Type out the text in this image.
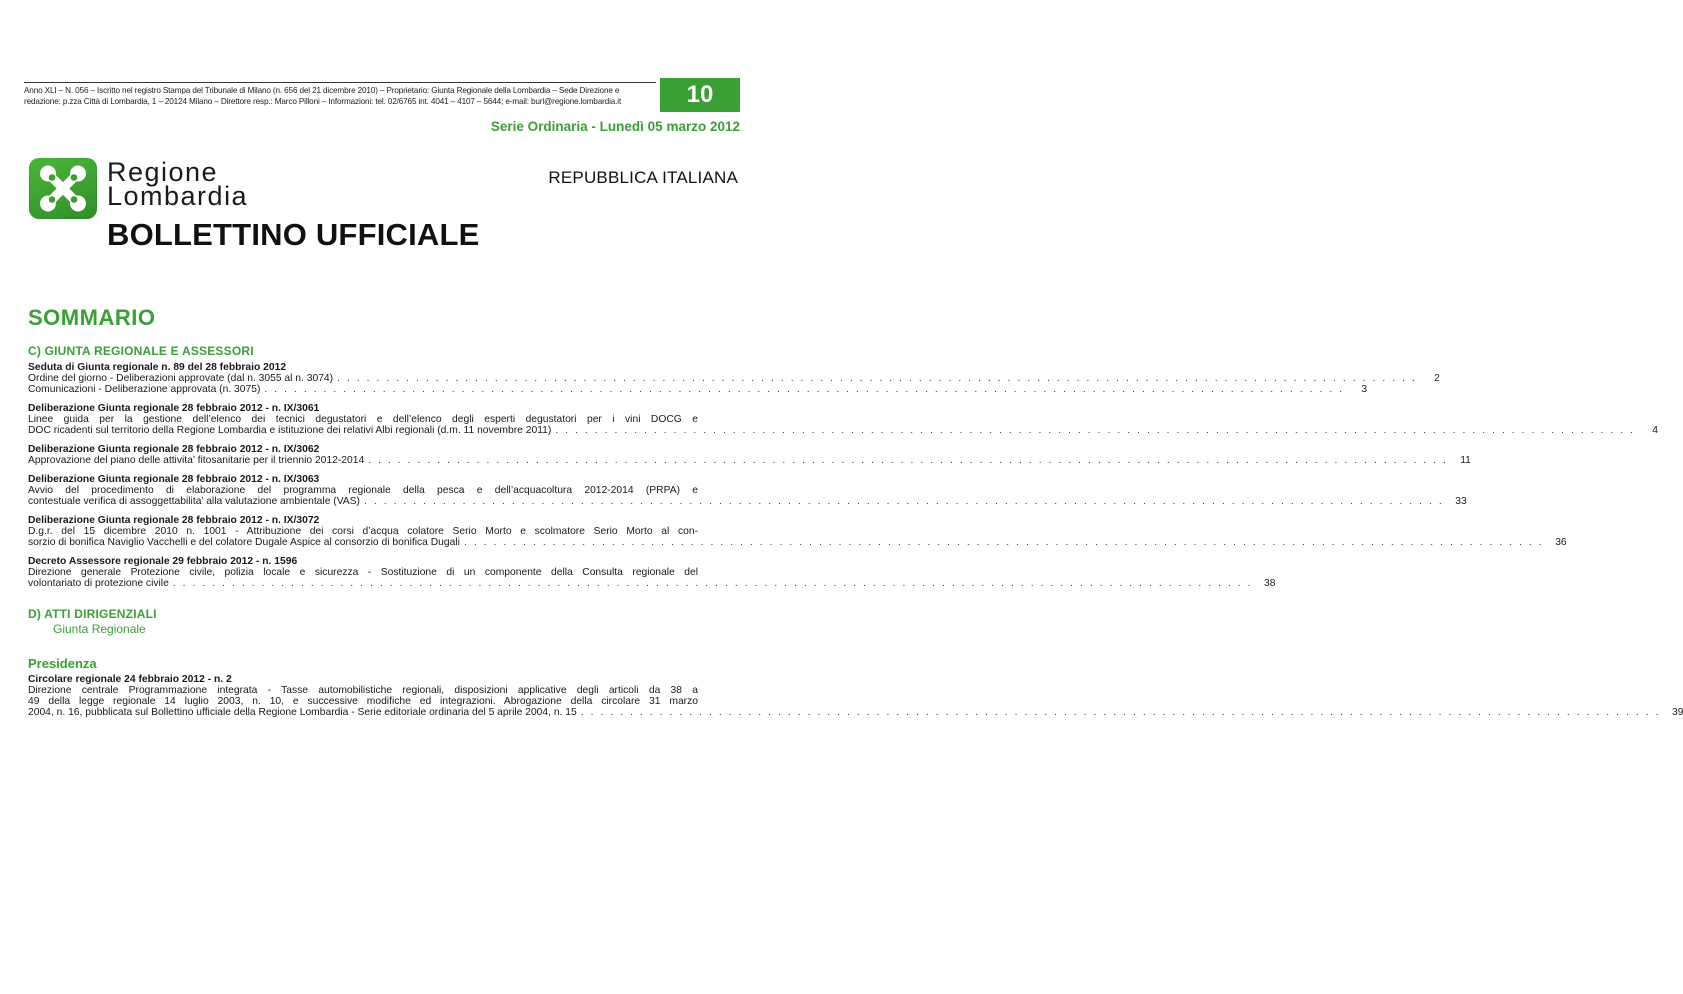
Anno XLI – N. 056 – Iscritto nel registro Stampa del Tribunale di Milano (n. 656 del 21 dicembre 2010) – Proprietario: Giunta Regionale della Lombardia – Sede Direzione e
redazione: p.zza Città di Lombardia, 1 – 20124 Milano – Direttore resp.: Marco Pilloni – Informazioni: tel. 02/6765 int. 4041 – 4107 – 5644; e-mail: burl@regione.lombardia.it	10
Serie Ordinaria - Lunedì 05 marzo 2012
Regione
Lombardia
REPUBBLICA ITALIANA
BOLLETTINO UFFICIALE
SOMMARIO
C) GIUNTA REGIONALE E ASSESSORI
Seduta di Giunta regionale n. 89 del 28 febbraio 2012
Ordine del giorno - Deliberazioni approvate (dal n. 3055 al n. 3074) ..............................................................................................................	2
Comunicazioni - Deliberazione approvata (n. 3075) ..............................................................................................................	3
Deliberazione Giunta regionale 28 febbraio 2012 - n. IX/3061
Linee guida per la gestione dell’elenco dei tecnici degustatori e dell’elenco degli esperti degustatori per i vini DOCG e
DOC ricadenti sul territorio della Regione Lombardia e istituzione dei relativi Albi regionali (d.m. 11 novembre 2011) ..............................................................................................................	4
Deliberazione Giunta regionale 28 febbraio 2012 - n. IX/3062
Approvazione del piano delle attivita’ fitosanitarie per il triennio 2012-2014 .............................................................................................................. 11
Deliberazione Giunta regionale 28 febbraio 2012 - n. IX/3063
Avvio del procedimento di elaborazione del programma regionale della pesca e dell’acquacoltura 2012-2014 (PRPA) e
contestuale verifica di assoggettabilita’ alla valutazione ambientale (VAS) .............................................................................................................. 33
Deliberazione Giunta regionale 28 febbraio 2012 - n. IX/3072
D.g.r. del 15 dicembre 2010 n. 1001 - Attribuzione dei corsi d’acqua colatore Serio Morto e scolmatore Serio Morto al con-
sorzio di bonifica Naviglio Vacchelli e del colatore Dugale Aspice al consorzio di bonifica Dugali .............................................................................................................. 36
Decreto Assessore regionale 29 febbraio 2012 - n. 1596
Direzione generale Protezione civile, polizia locale e sicurezza - Sostituzione di un componente della Consulta regionale del
volontariato di protezione civile .............................................................................................................. 38
D) ATTI DIRIGENZIALI
Giunta Regionale
Presidenza
Circolare regionale 24 febbraio 2012 - n. 2
Direzione centrale Programmazione integrata - Tasse automobilistiche regionali, disposizioni applicative degli articoli da 38 a
49 della legge regionale 14 luglio 2003, n. 10, e successive modifiche ed integrazioni. Abrogazione della circolare 31 marzo
2004, n. 16, pubblicata sul Bollettino ufficiale della Regione Lombardia - Serie editoriale ordinaria del 5 aprile 2004, n. 15 .............................................................................................................. 39
